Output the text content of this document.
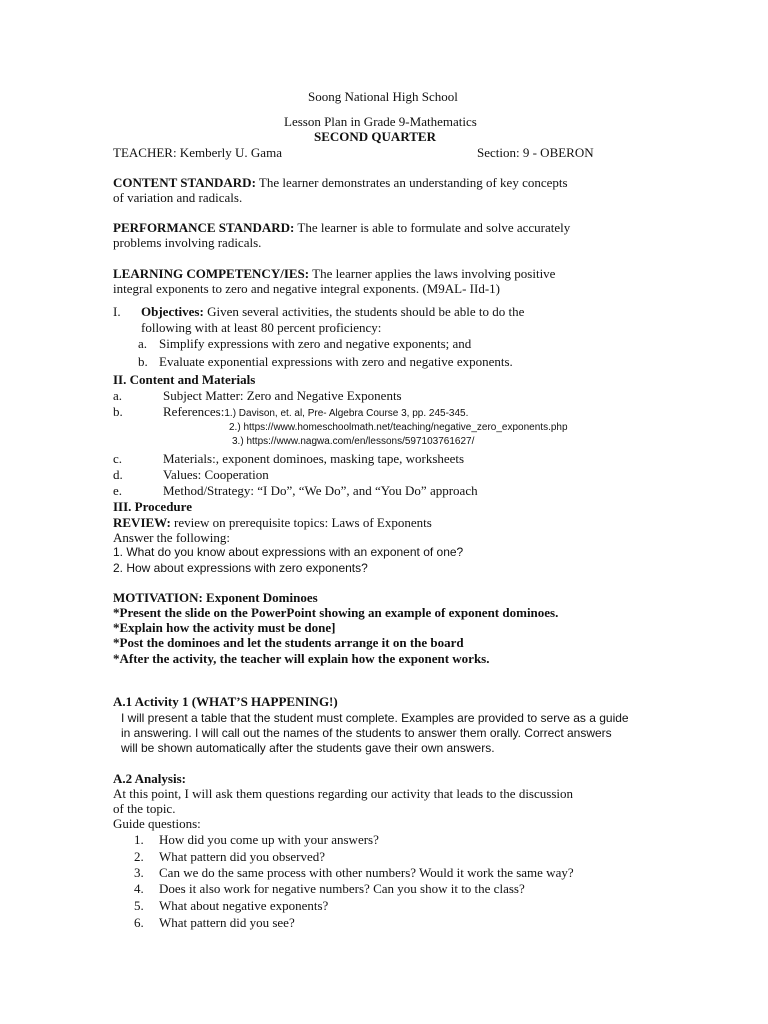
Soong National High School
Lesson Plan in Grade 9-Mathematics
SECOND QUARTER
TEACHER: Kemberly U. Gama	Section: 9 - OBERON
CONTENT STANDARD: The learner demonstrates an understanding of key concepts
of variation and radicals.
PERFORMANCE STANDARD: The learner is able to formulate and solve accurately
problems involving radicals.
LEARNING COMPETENCY/IES: The learner applies the laws involving positive
integral exponents to zero and negative integral exponents. (M9AL- IId-1)
I. Objectives: Given several activities, the students should be able to do the
following with at least 80 percent proficiency:
a. Simplify expressions with zero and negative exponents; and
b. Evaluate exponential expressions with zero and negative exponents.
II. Content and Materials
a.	Subject Matter: Zero and Negative Exponents
b.	References:1.) Davison, et. al, Pre- Algebra Course 3, pp. 245-345.
2.) https://www.homeschoolmath.net/teaching/negative_zero_exponents.php
3.) https://www.nagwa.com/en/lessons/597103761627/
c.	Materials:, exponent dominoes, masking tape, worksheets
d.	Values: Cooperation
e.	Method/Strategy: “I Do”, “We Do”, and “You Do” approach
III. Procedure
REVIEW: review on prerequisite topics: Laws of Exponents
Answer the following:
1. What do you know about expressions with an exponent of one?
2. How about expressions with zero exponents?
MOTIVATION: Exponent Dominoes
*Present the slide on the PowerPoint showing an example of exponent dominoes.
*Explain how the activity must be done]
*Post the dominoes and let the students arrange it on the board
*After the activity, the teacher will explain how the exponent works.
A.1 Activity 1 (WHAT’S HAPPENING!)
I will present a table that the student must complete. Examples are provided to serve as a guide
in answering. I will call out the names of the students to answer them orally. Correct answers
will be shown automatically after the students gave their own answers.
A.2 Analysis:
At this point, I will ask them questions regarding our activity that leads to the discussion
of the topic.
Guide questions:
1. How did you come up with your answers?
2. What pattern did you observed?
3. Can we do the same process with other numbers? Would it work the same way?
4. Does it also work for negative numbers? Can you show it to the class?
5. What about negative exponents?
6. What pattern did you see?
